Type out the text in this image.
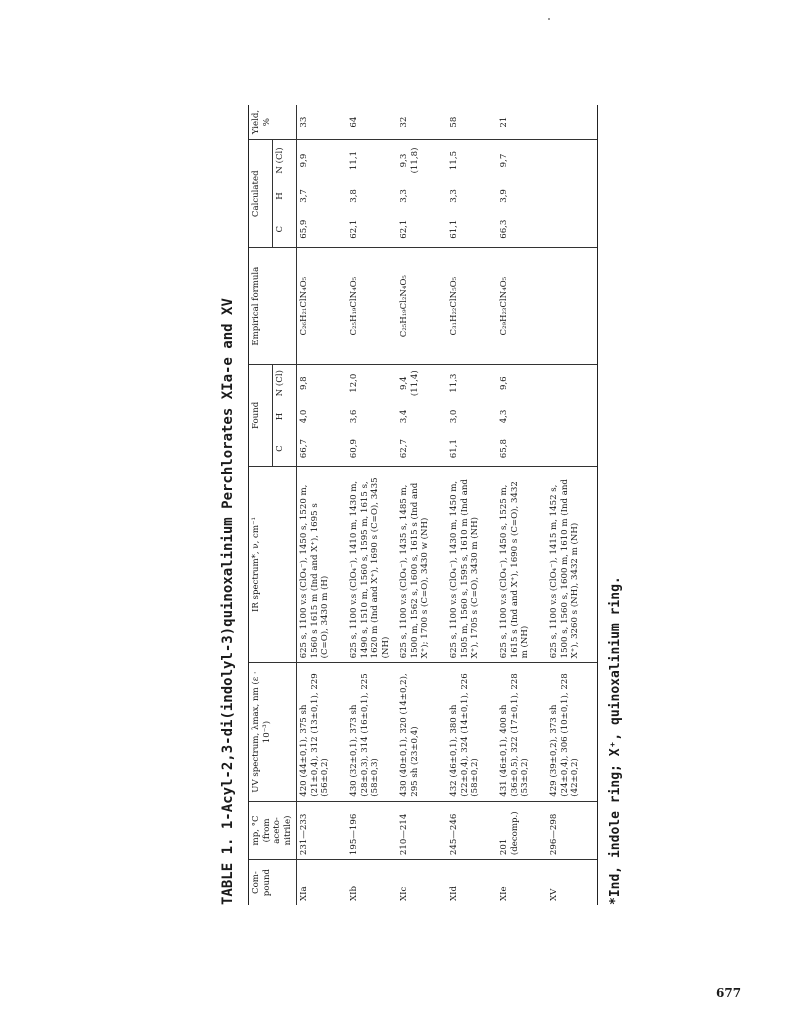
TABLE 1. 1-Acyl-2,3-di(indolyl-3)quinoxalinium Perchlorates XIa-e and XV	Com-pound	mp, °C (from aceto-nitrile)	UV spectrum, λmax, nm (ε · 10⁻³)	IR spectrum*, ν, cm⁻¹	Found			Empirical formula	Calculated			Yield, %
				C	H	N (Cl)		C	H	N (Cl)	
XIa	231—233	420 (44±0,1), 375 sh (21±0,4), 312 (13±0,1), 229 (56±0,2)	625 s, 1100 v.s (ClO₄⁻), 1450 s, 1520 m, 1560 s 1615 m (Ind and X⁺), 1695 s (C=O), 3430 m (H)	66,7	4,0	9,8	C₂₆H₂₁ClN₄O₅	65,9	3,7	9,9	33
XIb	195—196	430 (32±0,1), 373 sh (28±0,3), 314 (16±0,1), 225 (58±0,3)	625 s, 1100 v.s (ClO₄⁻), 1410 m, 1430 m, 1490 s, 1510 m, 1560 s, 1595 m, 1615 s, 1620 m (Ind and X⁺), 1690 s (C=O), 3435 (NH)	60,9	3,6	12,0	C₂₅H₁₉ClN₄O₅	62,1	3,8	11,1	64
XIc	210—214	430 (40±0,1), 320 (14±0,2), 295 sh (23±0,4)	625 s, 1100 v.s (ClO₄⁻), 1435 s, 1485 m, 1500 m, 1562 s, 1600 s, 1615 s (Ind and X⁺); 1700 s (C=O), 3430 w (NH)	62,7	3,4	9,4 (11,4)	C₂₅H₁₉Cl₂N₄O₅	62,1	3,3	9,3 (11,8)	32
XId	245—246	432 (46±0,1), 380 sh (22±0,4), 324 (14±0,1), 226 (58±0,2)	625 s, 1100 v.s (ClO₄⁻), 1430 m, 1450 m, 1505 m, 1560 s, 1595 s, 1610 m (Ind and X⁺), 1705 s (C=O), 3430 m (NH)	61,1	3,0	11,3	C₃₁H₂₂ClN₅O₅	61,1	3,3	11,5	58
XIe	201 (decomp.)	431 (46±0,1), 400 sh (36±0,5), 322 (17±0,1), 228 (53±0,2)	625 s, 1100 v.s (ClO₄⁻), 1450 s, 1525 m, 1615 s (Ind and X⁺), 1690 s (C=O), 3432 m (NH)	65,8	4,3	9,6	C₂₉H₂₃ClN₄O₅	66,3	3,9	9,7	21
XV	296—298	429 (39±0,2), 373 sh (24±0,4), 306 (10±0,1), 228 (42±0,2)	625 s, 1100 v.s (ClO₄⁻), 1415 m, 1452 s, 1500 s, 1560 s, 1600 m, 1610 m (Ind and X⁺), 3260 s (NH), 3432 m (NH)									*Ind, indole ring; X⁺, quinoxalinium ring.
677
